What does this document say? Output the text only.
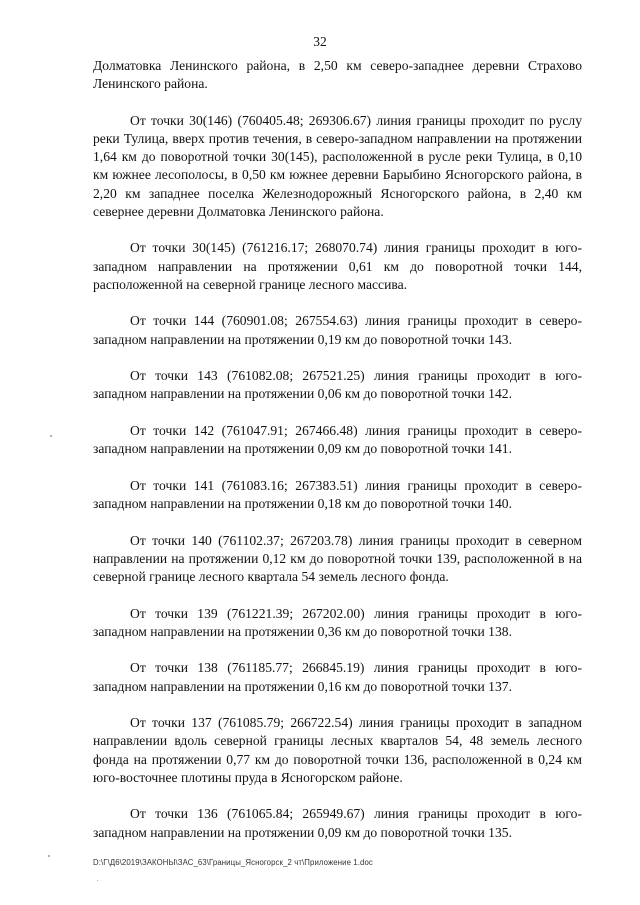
32

Долматовка Ленинского района, в 2,50 км северо-западнее деревни Страхово Ленинского района.

От точки 30(146) (760405.48; 269306.67) линия границы проходит по руслу реки Тулица, вверх против течения, в северо-западном направлении на протяжении 1,64 км до поворотной точки 30(145), расположенной в русле реки Тулица, в 0,10 км южнее лесополосы, в 0,50 км южнее деревни Барыбино Ясногорского района, в 2,20 км западнее поселка Железнодорожный Ясногорского района, в 2,40 км севернее деревни Долматовка Ленинского района.

От точки 30(145) (761216.17; 268070.74) линия границы проходит в юго-западном направлении на протяжении 0,61 км до поворотной точки 144, расположенной на северной границе лесного массива.

От точки 144 (760901.08; 267554.63) линия границы проходит в северо-западном направлении на протяжении 0,19 км до поворотной точки 143.

От точки 143 (761082.08; 267521.25) линия границы проходит в юго-западном направлении на протяжении 0,06 км до поворотной точки 142.

От точки 142 (761047.91; 267466.48) линия границы проходит в северо-западном направлении на протяжении 0,09 км до поворотной точки 141.

От точки 141 (761083.16; 267383.51) линия границы проходит в северо-западном направлении на протяжении 0,18 км до поворотной точки 140.

От точки 140 (761102.37; 267203.78) линия границы проходит в северном направлении на протяжении 0,12 км до поворотной точки 139, расположенной в на северной границе лесного квартала 54 земель лесного фонда.

От точки 139 (761221.39; 267202.00) линия границы проходит в юго-западном направлении на протяжении 0,36 км до поворотной точки 138.

От точки 138 (761185.77; 266845.19) линия границы проходит в юго-западном направлении на протяжении 0,16 км до поворотной точки 137.

От точки 137 (761085.79; 266722.54) линия границы проходит в западном направлении вдоль северной границы лесных кварталов 54, 48 земель лесного фонда на протяжении 0,77 км до поворотной точки 136, расположенной в 0,24 км юго-восточнее плотины пруда в Ясногорском районе.

От точки 136 (761065.84; 265949.67) линия границы проходит в юго-западном направлении на протяжении 0,09 км до поворотной точки 135.

D:\Г\Д6\2019\ЗАКОНЫ\ЗАС_63\Границы_Ясногорск_2 чт\Приложение 1.doc
